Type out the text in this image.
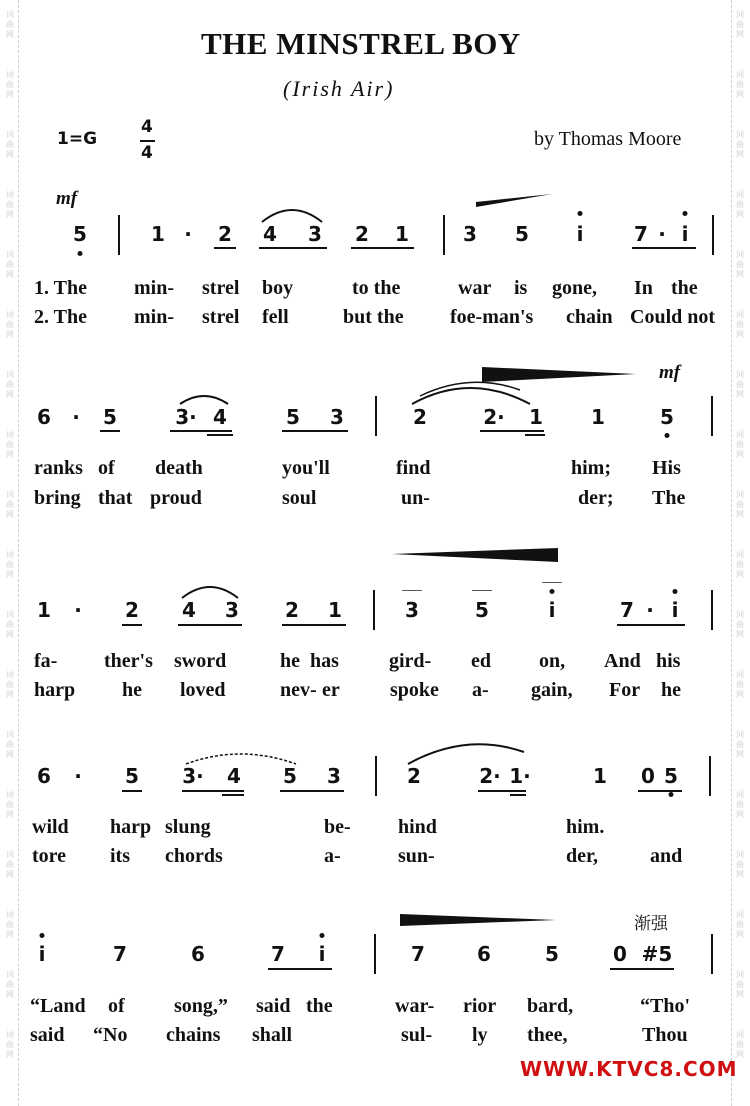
词
曲
网
词
曲
网
词
曲
网
词
曲
网
词
曲
网
词
曲
网
词
曲
网
词
曲
网
词
曲
网
词
曲
网
词
曲
网
词
曲
网
词
曲
网
词
曲
网
词
曲
网
词
曲
网
词
曲
网
词
曲
网
词
曲
网
词
曲
网
词
曲
网
词
曲
网
词
曲
网
词
曲
网
词
曲
网
词
曲
网
词
曲
网
词
曲
网
词
曲
网
词
曲
网
词
曲
网
词
曲
网
词
曲
网
词
曲
网
词
曲
网
词
曲
网
THE MINSTREL BOY
(Irish Air)
1=G
4
4
by Thomas Moore
mf
mf
渐强
5	1 · 2 4 3 2 1	3 5 i	7 · i
1. The min- strel boy	to the	war is gone, In the
2. The min- strel fell	but the foe-man's chain Could not
6 · 5	3· 4	5 3	2	2· 1 1	5
ranks of death	you'll	find	him; His
bring that proud	soul	un-	der; The
1 · 2 4 3 2 1	3	5	i	7 · i
fa- ther's sword	he has	gird- ed on, And his
harp he loved	nev- er	spoke a- gain, For he
6 · 5 3· 4 5 3	2	2· 1·	1 0 5
wild harp slung	be- hind	him.
tore its chords	a-	sun-	der,	and
i	7	6	7 i	7	6	5	0 #5
“Land of song,” said the	war- rior bard,	“Tho'
said “No chains shall	sul- ly thee,	Thou
WWW.KTVC8.COM
